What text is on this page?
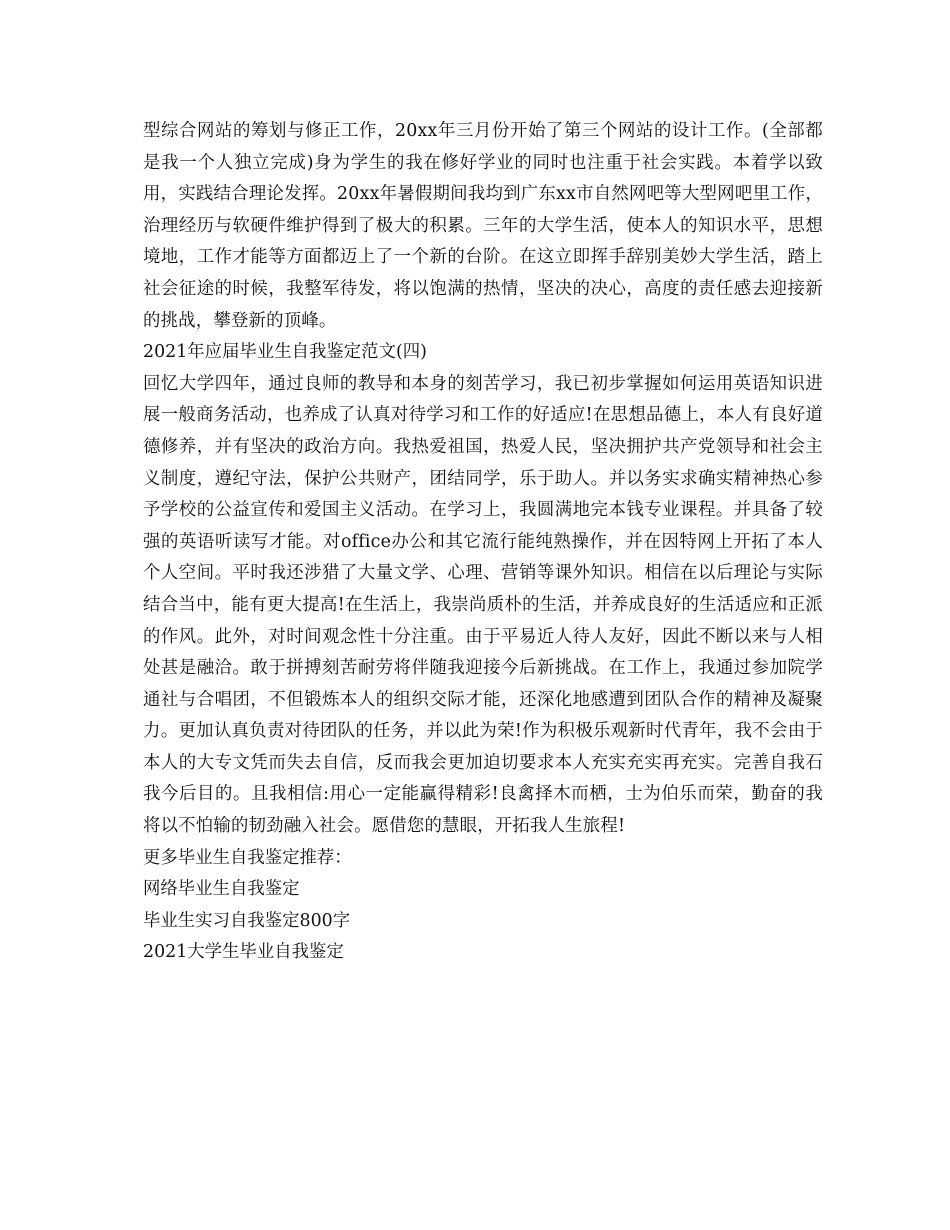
型综合网站的筹划与修正工作，20xx年三月份开始了第三个网站的设计工作。(全部都是我一个人独立完成)身为学生的我在修好学业的同时也注重于社会实践。本着学以致用，实践结合理论发挥。20xx年暑假期间我均到广东xx市自然网吧等大型网吧里工作，治理经历与软硬件维护得到了极大的积累。三年的大学生活，使本人的知识水平，思想境地，工作才能等方面都迈上了一个新的台阶。在这立即挥手辞别美妙大学生活，踏上社会征途的时候，我整军待发，将以饱满的热情，坚决的决心，高度的责任感去迎接新的挑战，攀登新的顶峰。

2021年应届毕业生自我鉴定范文(四)

回忆大学四年，通过良师的教导和本身的刻苦学习，我已初步掌握如何运用英语知识进展一般商务活动，也养成了认真对待学习和工作的好适应!在思想品德上，本人有良好道德修养，并有坚决的政治方向。我热爱祖国，热爱人民，坚决拥护共产党领导和社会主义制度，遵纪守法，保护公共财产，团结同学，乐于助人。并以务实求确实精神热心参予学校的公益宣传和爱国主义活动。在学习上，我圆满地完本钱专业课程。并具备了较强的英语听读写才能。对office办公和其它流行能纯熟操作，并在因特网上开拓了本人个人空间。平时我还涉猎了大量文学、心理、营销等课外知识。相信在以后理论与实际结合当中，能有更大提高!在生活上，我崇尚质朴的生活，并养成良好的生活适应和正派的作风。此外，对时间观念性十分注重。由于平易近人待人友好，因此不断以来与人相处甚是融洽。敢于拼搏刻苦耐劳将伴随我迎接今后新挑战。在工作上，我通过参加院学通社与合唱团，不但锻炼本人的组织交际才能，还深化地感遭到团队合作的精神及凝聚力。更加认真负责对待团队的任务，并以此为荣!作为积极乐观新时代青年，我不会由于本人的大专文凭而失去自信，反而我会更加迫切要求本人充实充实再充实。完善自我石我今后目的。且我相信:用心一定能赢得精彩!良禽择木而栖，士为伯乐而荣，勤奋的我将以不怕输的韧劲融入社会。愿借您的慧眼，开拓我人生旅程!

更多毕业生自我鉴定推荐：

网络毕业生自我鉴定

毕业生实习自我鉴定800字

2021大学生毕业自我鉴定
